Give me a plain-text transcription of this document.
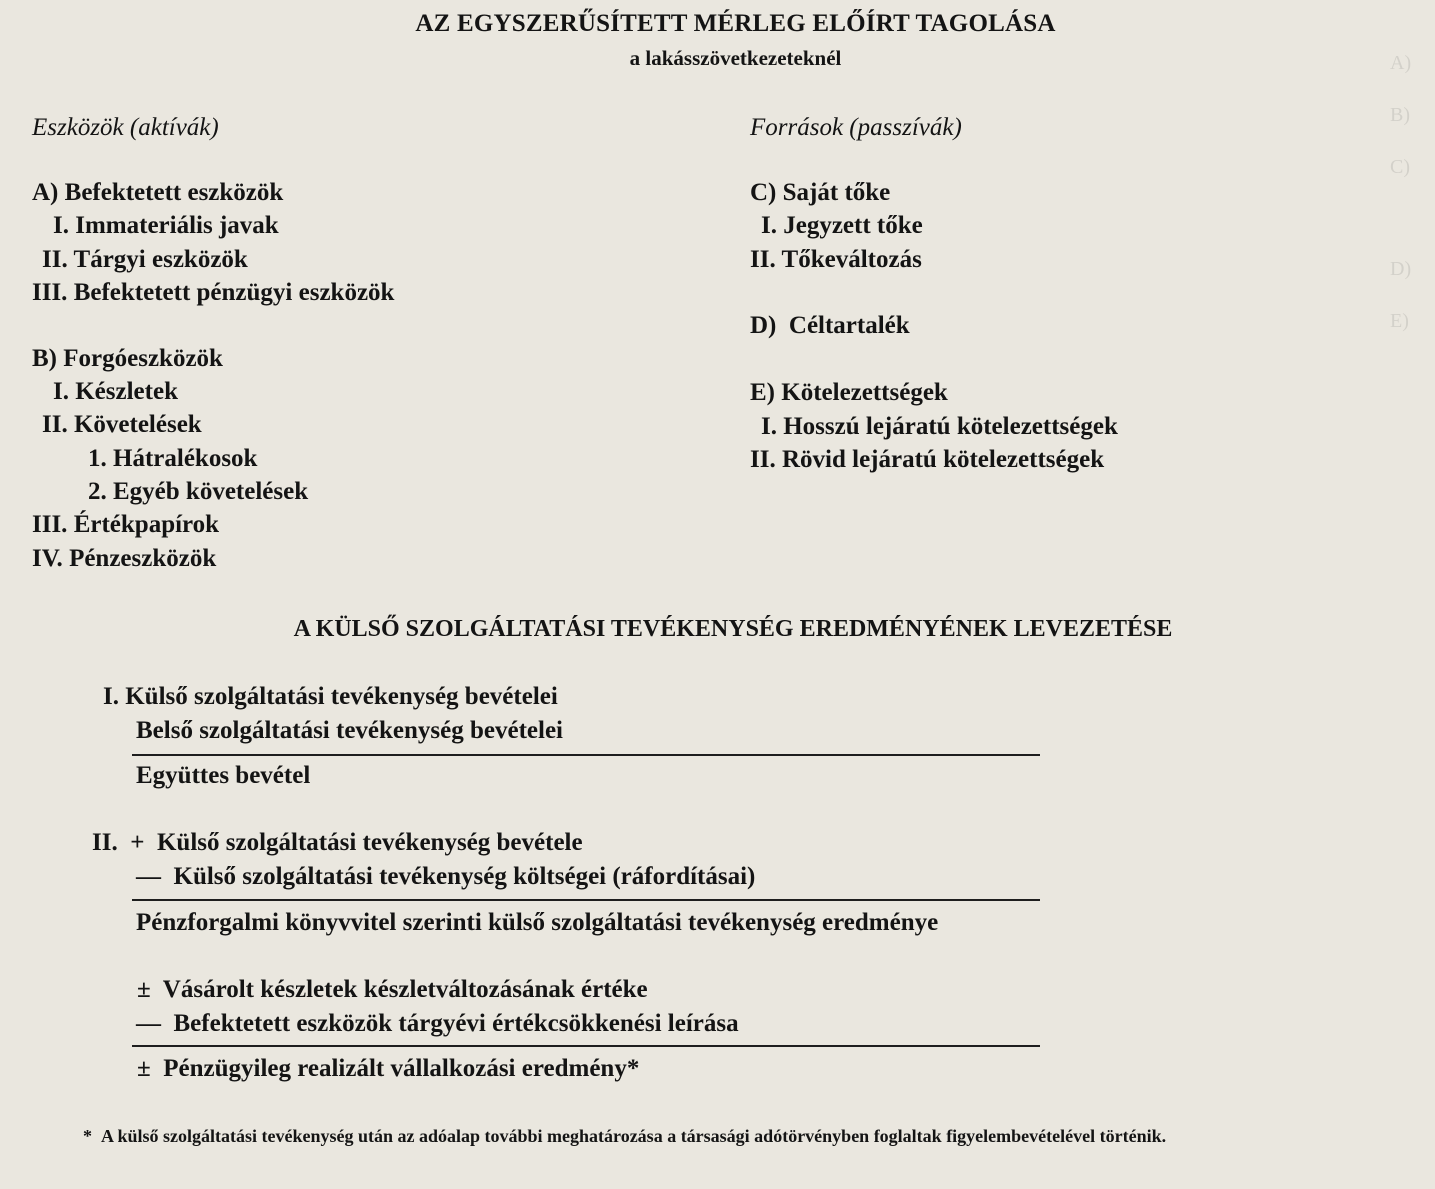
A)
B)
C)
D)
E)
AZ EGYSZERŰSÍTETT MÉRLEG ELŐÍRT TAGOLÁSA
a lakásszövetkezeteknél
Eszközök (aktívák)	Források (passzívák)
A) Befektetett eszközök
I. Immateriális javak
II. Tárgyi eszközök
III. Befektetett pénzügyi eszközök
B) Forgóeszközök
I. Készletek
II. Követelések
1. Hátralékosok
2. Egyéb követelések
III. Értékpapírok
IV. Pénzeszközök
C) Saját tőke
I. Jegyzett tőke
II. Tőkeváltozás
D) Céltartalék
E) Kötelezettségek
I. Hosszú lejáratú kötelezettségek
II. Rövid lejáratú kötelezettségek
A KÜLSŐ SZOLGÁLTATÁSI TEVÉKENYSÉG EREDMÉNYÉNEK LEVEZETÉSE
I. Külső szolgáltatási tevékenység bevételei
Belső szolgáltatási tevékenység bevételei
Együttes bevétel
II. + Külső szolgáltatási tevékenység bevétele
— Külső szolgáltatási tevékenység költségei (ráfordításai)
Pénzforgalmi könyvvitel szerinti külső szolgáltatási tevékenység eredménye
± Vásárolt készletek készletváltozásának értéke
— Befektetett eszközök tárgyévi értékcsökkenési leírása
± Pénzügyileg realizált vállalkozási eredmény*
* A külső szolgáltatási tevékenység után az adóalap további meghatározása a társasági adótörvényben foglaltak figyelembevételével történik.
